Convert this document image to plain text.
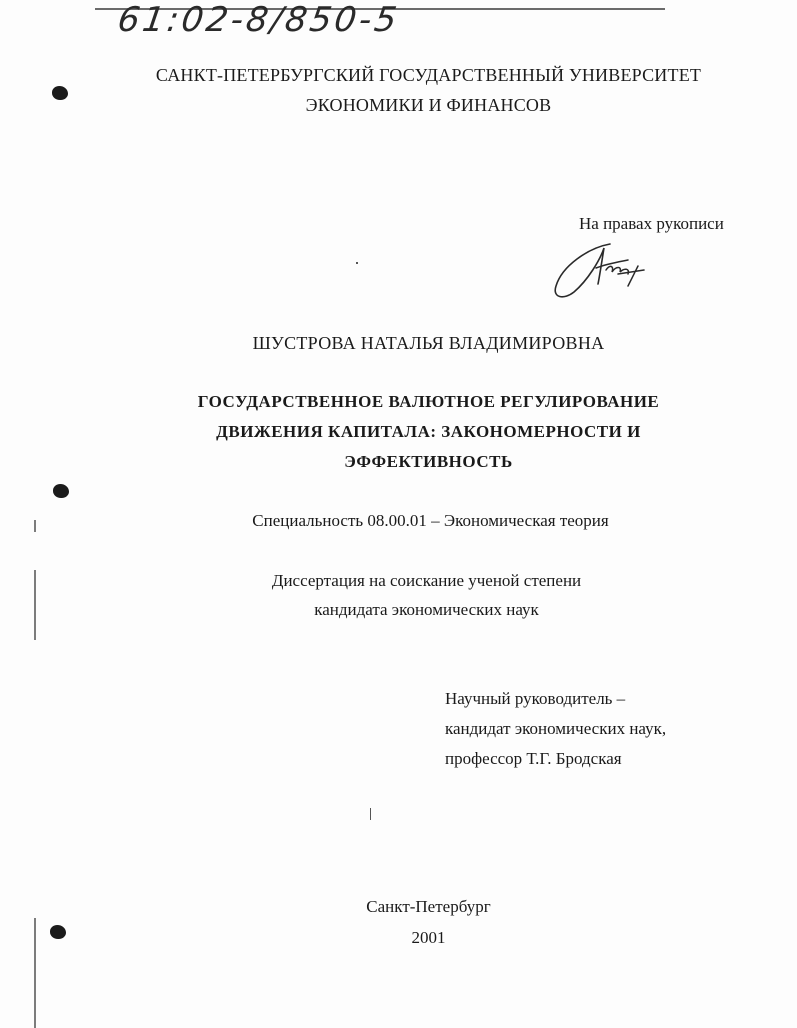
61:02-8/850-5
САНКТ-ПЕТЕРБУРГСКИЙ ГОСУДАРСТВЕННЫЙ УНИВЕРСИТЕТ
ЭКОНОМИКИ И ФИНАНСОВ
На правах рукописи
ШУСТРОВА НАТАЛЬЯ ВЛАДИМИРОВНА
ГОСУДАРСТВЕННОЕ ВАЛЮТНОЕ РЕГУЛИРОВАНИЕ
ДВИЖЕНИЯ КАПИТАЛА: ЗАКОНОМЕРНОСТИ И
ЭФФЕКТИВНОСТЬ
Специальность 08.00.01 – Экономическая теория
Диссертация на соискание ученой степени
кандидата экономических наук
Научный руководитель –
кандидат экономических наук,
профессор Т.Г. Бродская
Санкт-Петербург
2001
